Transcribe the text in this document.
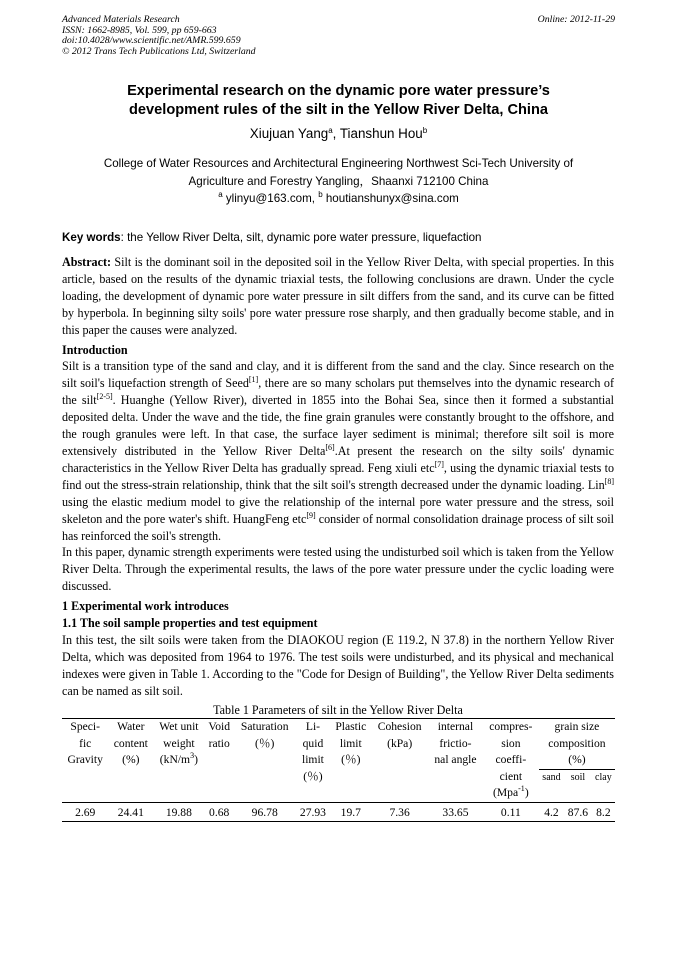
Advanced Materials Research
ISSN: 1662-8985, Vol. 599, pp 659-663
doi:10.4028/www.scientific.net/AMR.599.659
© 2012 Trans Tech Publications Ltd, Switzerland
Online: 2012-11-29
Experimental research on the dynamic pore water pressure’s
development rules of the silt in the Yellow River Delta, China
Xiujuan Yang$^a$, Tianshun Hou$^b$
College of Water Resources and Architectural Engineering Northwest Sci-Tech University of
Agriculture and Forestry Yangling，Shaanxi 712100 China
$^a$ ylinyu@163.com, $^b$ houtianshunyx@sina.com
Key words: the Yellow River Delta, silt, dynamic pore water pressure, liquefaction

Abstract: Silt is the dominant soil in the deposited soil in the Yellow River Delta, with special properties. In this article, based on the results of the dynamic triaxial tests, the following conclusions are drawn. Under the cycle loading, the development of dynamic pore water pressure in silt differs from the sand, and its curve can be fitted by hyperbola. In beginning silty soils' pore water pressure rose sharply, and then gradually become stable, and in this paper the causes were analyzed.

Introduction

Silt is a transition type of the sand and clay, and it is different from the sand and the clay. Since research on the silt soil's liquefaction strength of Seed[1], there are so many scholars put themselves into the dynamic research of the silt[2-5]. Huanghe (Yellow River), diverted in 1855 into the Bohai Sea, since then it formed a substantial deposited delta. Under the wave and the tide, the fine grain granules were constantly brought to the offshore, and the rough granules were left. In that case, the surface layer sediment is minimal; therefore silt soil is more extensively distributed in the Yellow River Delta[6].At present the research on the silty soils' dynamic characteristics in the Yellow River Delta has gradually spread. Feng xiuli etc[7], using the dynamic triaxial tests to find out the stress-strain relationship, think that the silt soil's strength decreased under the dynamic loading. Lin[8] using the elastic medium model to give the relationship of the internal pore water pressure and the stress, soil skeleton and the pore water's shift. HuangFeng etc[9] consider of normal consolidation drainage process of silt soil has reinforced the soil's strength.

In this paper, dynamic strength experiments were tested using the undisturbed soil which is taken from the Yellow River Delta. Through the experimental results, the laws of the pore water pressure under the cyclic loading were discussed.

1 Experimental work introduces

1.1 The soil sample properties and test equipment

In this test, the silt soils were taken from the DIAOKOU region (E 119.2, N 37.8) in the northern Yellow River Delta, which was deposited from 1964 to 1976. The test soils were undisturbed, and its physical and mechanical indexes were given in Table 1. According to the "Code for Design of Building", the Yellow River Delta sediments can be named as silt soil.

Table 1 Parameters of silt in the Yellow River Delta

Speci-
fic
Gravity	Water
content
(%)	Wet unit
weight
$(kN/m^3)$	Void
ratio	Saturation
(％)	Li-
quid
limit
(％)	Plastic
limit
(％)	Cohesion
(kPa)	internal
frictio-
nal angle	compres-
sion
coeffi-
cient
(Mpa$^{-1}$)	grain size
composition
(%)		
										sand	soil	clay
2.69	24.41	19.88	0.68	96.78	27.93	19.7	7.36	33.65	0.11	4.2	87.6	8.2
